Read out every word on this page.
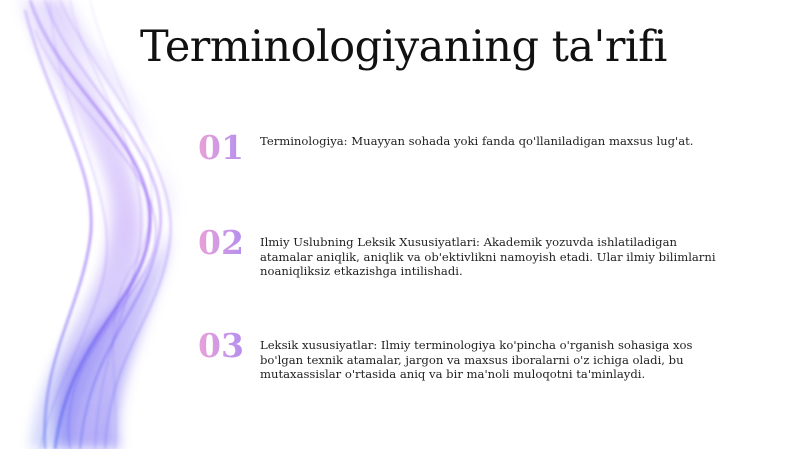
Terminologiyaning ta'rifi
01 Terminologiya: Muayyan sohada yoki fanda qo'llaniladigan maxsus lug'at.
02 Ilmiy Uslubning Leksik Xususiyatlari: Akademik yozuvda ishlatiladigan atamalar aniqlik, aniqlik va ob'ektivlikni namoyish etadi. Ular ilmiy bilimlarni noaniqliksiz etkazishga intilishadi.
03 Leksik xususiyatlar: Ilmiy terminologiya ko'pincha o'rganish sohasiga xos bo'lgan texnik atamalar, jargon va maxsus iboralarni o'z ichiga oladi, bu mutaxassislar o'rtasida aniq va bir ma'noli muloqotni ta'minlaydi.
